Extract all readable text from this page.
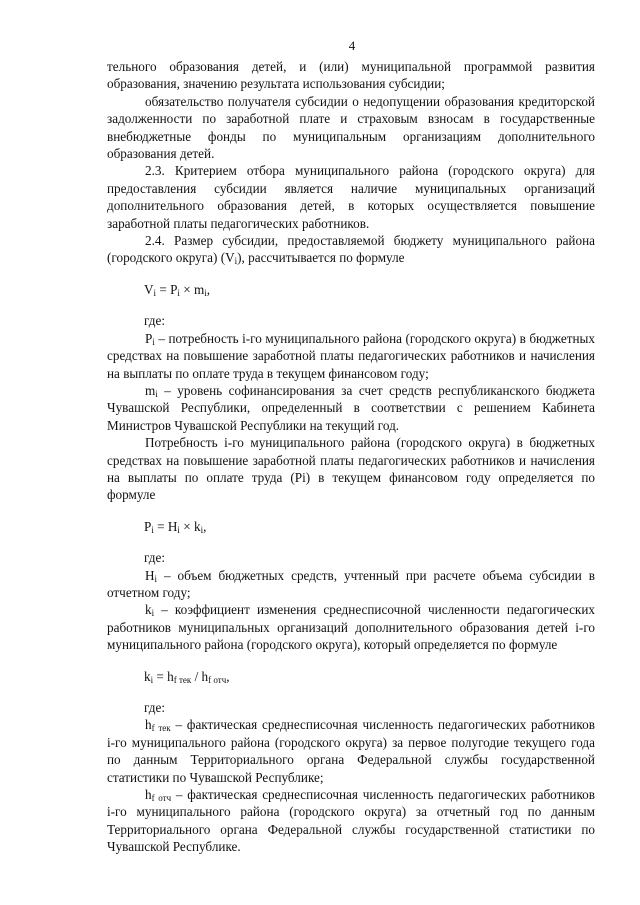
4

тельного образования детей, и (или) муниципальной программой развития образования, значению результата использования субсидии;

обязательство получателя субсидии о недопущении образования кредиторской задолженности по заработной плате и страховым взносам в государственные внебюджетные фонды по муниципальным организациям дополнительного образования детей.

2.3. Критерием отбора муниципального района (городского округа) для предоставления субсидии является наличие муниципальных организаций дополнительного образования детей, в которых осуществляется повышение заработной платы педагогических работников.

2.4. Размер субсидии, предоставляемой бюджету муниципального района (городского округа) $(V_i)$, рассчитывается по формуле

$V_i = P_i \times m_i$,

где:

$P_i$ – потребность i-го муниципального района (городского округа) в бюджетных средствах на повышение заработной платы педагогических работников и начисления на выплаты по оплате труда в текущем финансовом году;

$m_i$ – уровень софинансирования за счет средств республиканского бюджета Чувашской Республики, определенный в соответствии с решением Кабинета Министров Чувашской Республики на текущий год.

Потребность i-го муниципального района (городского округа) в бюджетных средствах на повышение заработной платы педагогических работников и начисления на выплаты по оплате труда (Pi) в текущем финансовом году определяется по формуле

$P_i = H_i \times k_i$,

где:

$H_i$ – объем бюджетных средств, учтенный при расчете объема субсидии в отчетном году;

$k_i$ – коэффициент изменения среднесписочной численности педагогических работников муниципальных организаций дополнительного образования детей i-го муниципального района (городского округа), который определяется по формуле

$k_i = h_{f тек} / h_{f отч}$,

где:

$h_{f тек}$ – фактическая среднесписочная численность педагогических работников i-го муниципального района (городского округа) за первое полугодие текущего года по данным Территориального органа Федеральной службы государственной статистики по Чувашской Республике;

$h_{f отч}$ – фактическая среднесписочная численность педагогических работников i-го муниципального района (городского округа) за отчетный год по данным Территориального органа Федеральной службы государственной статистики по Чувашской Республике.
